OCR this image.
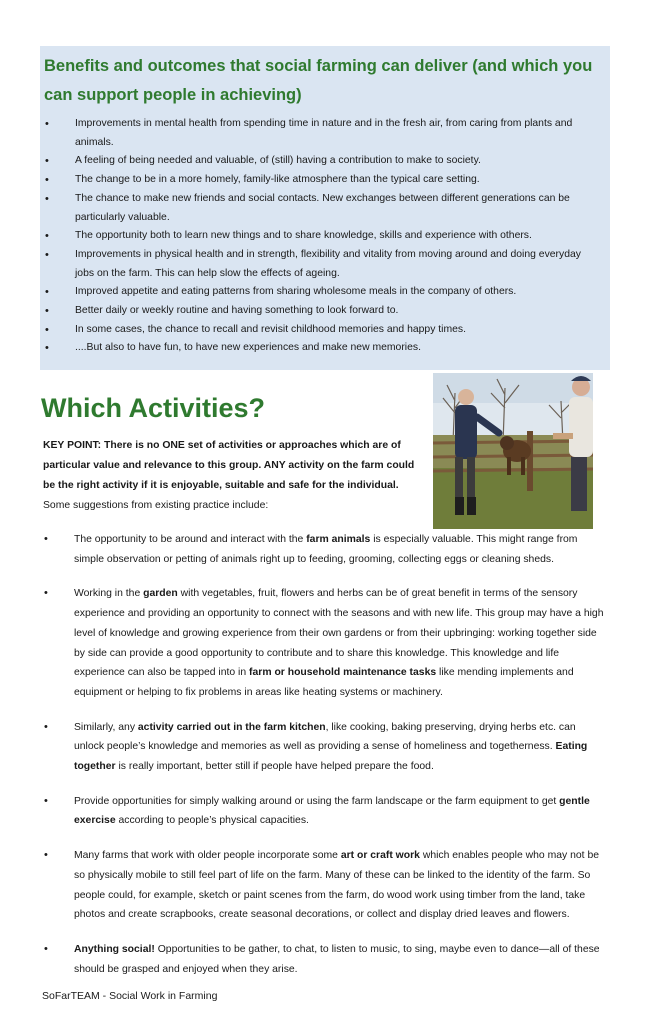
Benefits and outcomes that social farming can deliver (and which you can support people in achieving)
• Improvements in mental health from spending time in nature and in the fresh air, from caring from plants and animals.
• A feeling of being needed and valuable, of (still) having a contribution to make to society.
• The change to be in a more homely, family-like atmosphere than the typical care setting.
• The chance to make new friends and social contacts. New exchanges between different generations can be particularly valuable.
• The opportunity both to learn new things and to share knowledge, skills and experience with others.
• Improvements in physical health and in strength, flexibility and vitality from moving around and doing everyday jobs on the farm. This can help slow the effects of ageing.
• Improved appetite and eating patterns from sharing wholesome meals in the company of others.
• Better daily or weekly routine and having something to look forward to.
• In some cases, the chance to recall and revisit childhood memories and happy times.
• ....But also to have fun, to have new experiences and make new memories.
Which Activities?

KEY POINT: There is no ONE set of activities or approaches which are of particular value and relevance to this group. ANY activity on the farm could be the right activity if it is enjoyable, suitable and safe for the individual. Some suggestions from existing practice include:

• The opportunity to be around and interact with the farm animals is especially valuable. This might range from simple observation or petting of animals right up to feeding, grooming, collecting eggs or cleaning sheds.
• Working in the garden with vegetables, fruit, flowers and herbs can be of great benefit in terms of the sensory experience and providing an opportunity to connect with the seasons and with new life. This group may have a high level of knowledge and growing experience from their own gardens or from their upbringing: working together side by side can provide a good opportunity to contribute and to share this knowledge. This knowledge and life experience can also be tapped into in farm or household maintenance tasks like mending implements and equipment or helping to fix problems in areas like heating systems or machinery.
• Similarly, any activity carried out in the farm kitchen, like cooking, baking preserving, drying herbs etc. can unlock people’s knowledge and memories as well as providing a sense of homeliness and togetherness. Eating together is really important, better still if people have helped prepare the food.
• Provide opportunities for simply walking around or using the farm landscape or the farm equipment to get gentle exercise according to people’s physical capacities.
• Many farms that work with older people incorporate some art or craft work which enables people who may not be so physically mobile to still feel part of life on the farm. Many of these can be linked to the identity of the farm. So people could, for example, sketch or paint scenes from the farm, do wood work using timber from the land, take photos and create scrapbooks, create seasonal decorations, or collect and display dried leaves and flowers.
• Anything social! Opportunities to be gather, to chat, to listen to music, to sing, maybe even to dance—all of these should be grasped and enjoyed when they arise.

SoFarTEAM - Social Work in Farming
